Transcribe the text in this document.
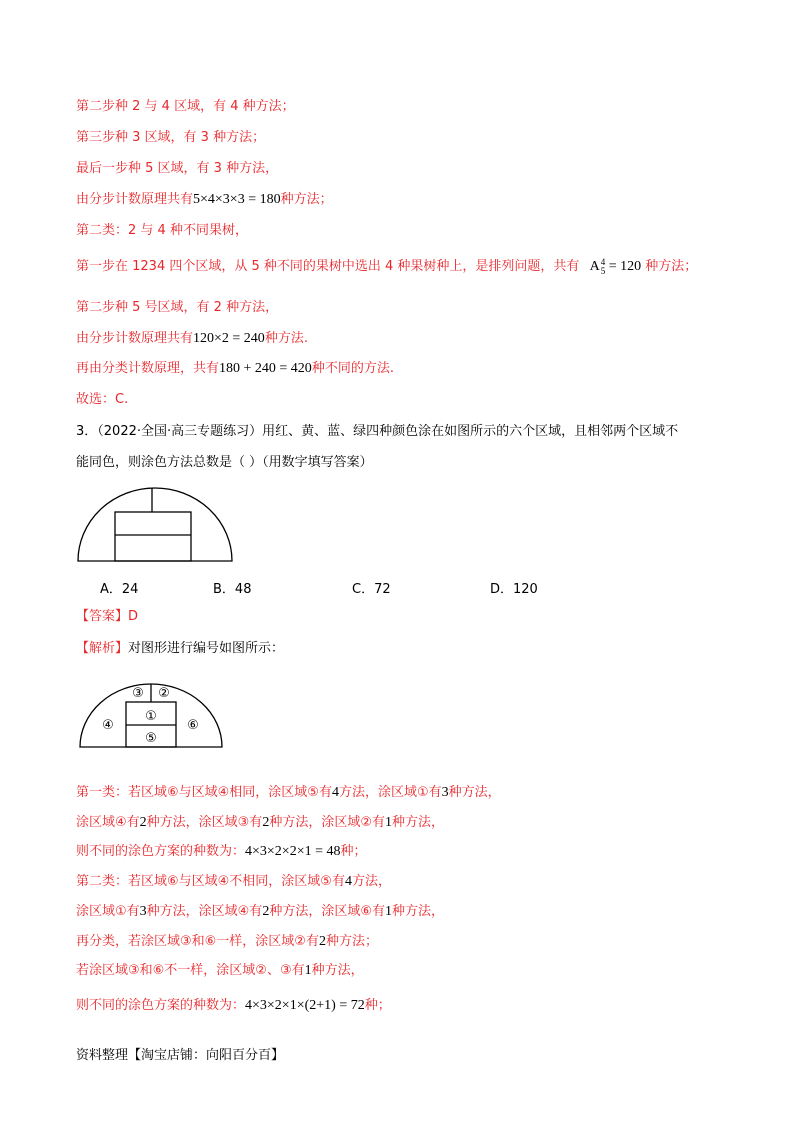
第二步种 2 与 4 区域，有 4 种方法；
第三步种 3 区域，有 3 种方法；
最后一步种 5 区域，有 3 种方法，
由分步计数原理共有5×4×3×3 = 180种方法；
第二类：2 与 4 种不同果树，
第一步在 1234 四个区域，从 5 种不同的果树中选出 4 种果树种上，是排列问题，共有 A 4
5 = 120 种方法；
第二步种 5 号区域，有 2 种方法，
由分步计数原理共有120×2 = 240种方法.
再由分类计数原理，共有180 + 240 = 420种不同的方法.
故选：C.
3．（2022·全国·高三专题练习）用红、黄、蓝、绿四种颜色涂在如图所示的六个区域，且相邻两个区域不
能同色，则涂色方法总数是（ ）（用数字填写答案）
A．24	B．48	C．72	D．120
【答案】D
【解析】对图形进行编号如图所示：
③ ②
④
①
⑥
⑤
第一类：若区域⑥与区域④相同，涂区域⑤有4方法，涂区域①有3种方法，
涂区域④有2种方法，涂区域③有2种方法，涂区域②有1种方法，
则不同的涂色方案的种数为：4×3×2×2×1 = 48种；
第二类：若区域⑥与区域④不相同，涂区域⑤有4方法，
涂区域①有3种方法，涂区域④有2种方法，涂区域⑥有1种方法，
再分类，若涂区域③和⑥一样，涂区域②有2种方法；
若涂区域③和⑥不一样，涂区域②、③有1种方法，
则不同的涂色方案的种数为：4×3×2×1×(2+1) = 72种；
资料整理【淘宝店铺：向阳百分百】
